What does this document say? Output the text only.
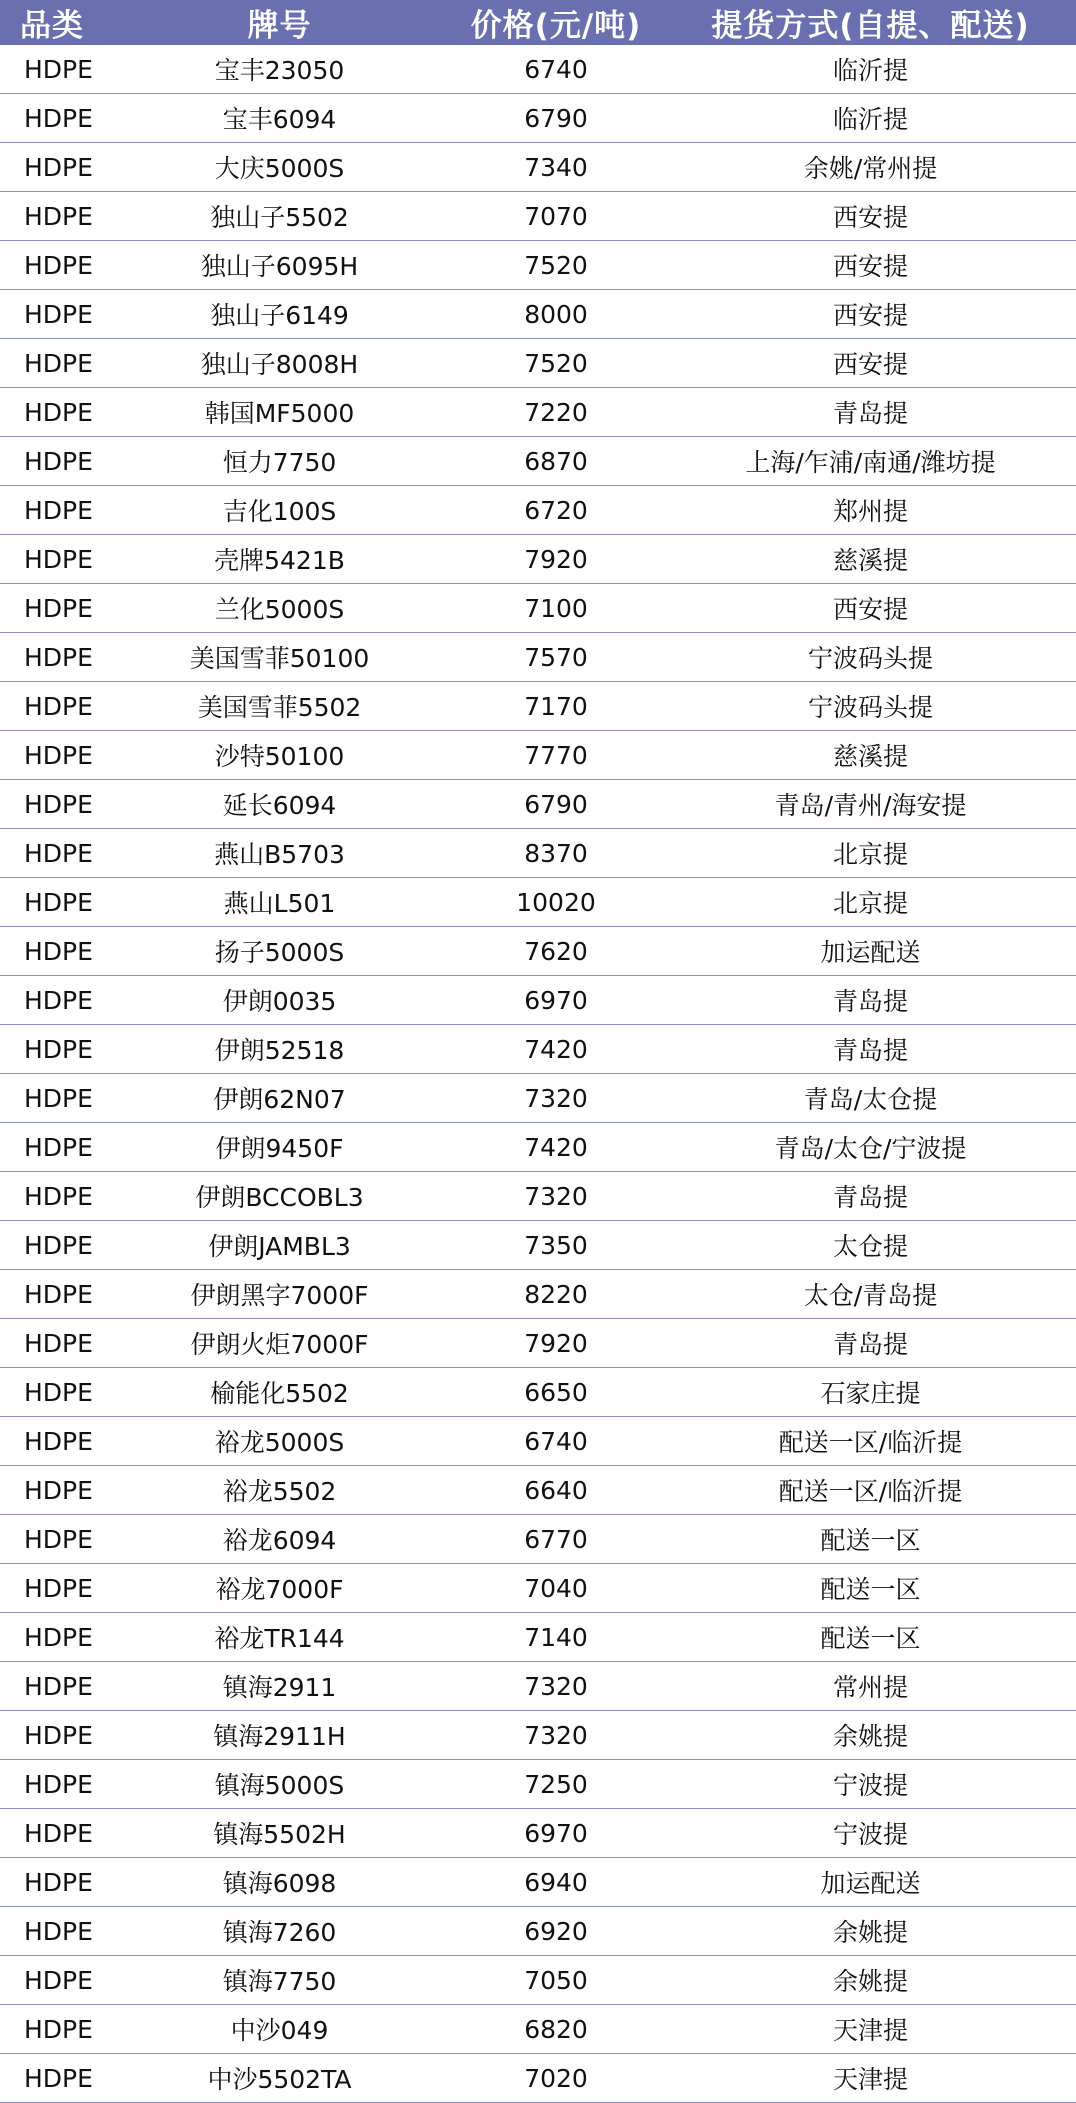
品类	牌号	价格(元/吨)	提货方式(自提、配送)
HDPE	宝丰23050	6740	临沂提
HDPE	宝丰6094	6790	临沂提
HDPE	大庆5000S	7340	余姚/常州提
HDPE	独山子5502	7070	西安提
HDPE	独山子6095H	7520	西安提
HDPE	独山子6149	8000	西安提
HDPE	独山子8008H	7520	西安提
HDPE	韩国MF5000	7220	青岛提
HDPE	恒力7750	6870	上海/乍浦/南通/潍坊提
HDPE	吉化100S	6720	郑州提
HDPE	壳牌5421B	7920	慈溪提
HDPE	兰化5000S	7100	西安提
HDPE	美国雪菲50100	7570	宁波码头提
HDPE	美国雪菲5502	7170	宁波码头提
HDPE	沙特50100	7770	慈溪提
HDPE	延长6094	6790	青岛/青州/海安提
HDPE	燕山B5703	8370	北京提
HDPE	燕山L501	10020	北京提
HDPE	扬子5000S	7620	加运配送
HDPE	伊朗0035	6970	青岛提
HDPE	伊朗52518	7420	青岛提
HDPE	伊朗62N07	7320	青岛/太仓提
HDPE	伊朗9450F	7420	青岛/太仓/宁波提
HDPE	伊朗BCCOBL3	7320	青岛提
HDPE	伊朗JAMBL3	7350	太仓提
HDPE	伊朗黑字7000F	8220	太仓/青岛提
HDPE	伊朗火炬7000F	7920	青岛提
HDPE	榆能化5502	6650	石家庄提
HDPE	裕龙5000S	6740	配送一区/临沂提
HDPE	裕龙5502	6640	配送一区/临沂提
HDPE	裕龙6094	6770	配送一区
HDPE	裕龙7000F	7040	配送一区
HDPE	裕龙TR144	7140	配送一区
HDPE	镇海2911	7320	常州提
HDPE	镇海2911H	7320	余姚提
HDPE	镇海5000S	7250	宁波提
HDPE	镇海5502H	6970	宁波提
HDPE	镇海6098	6940	加运配送
HDPE	镇海7260	6920	余姚提
HDPE	镇海7750	7050	余姚提
HDPE	中沙049	6820	天津提
HDPE	中沙5502TA	7020	天津提
